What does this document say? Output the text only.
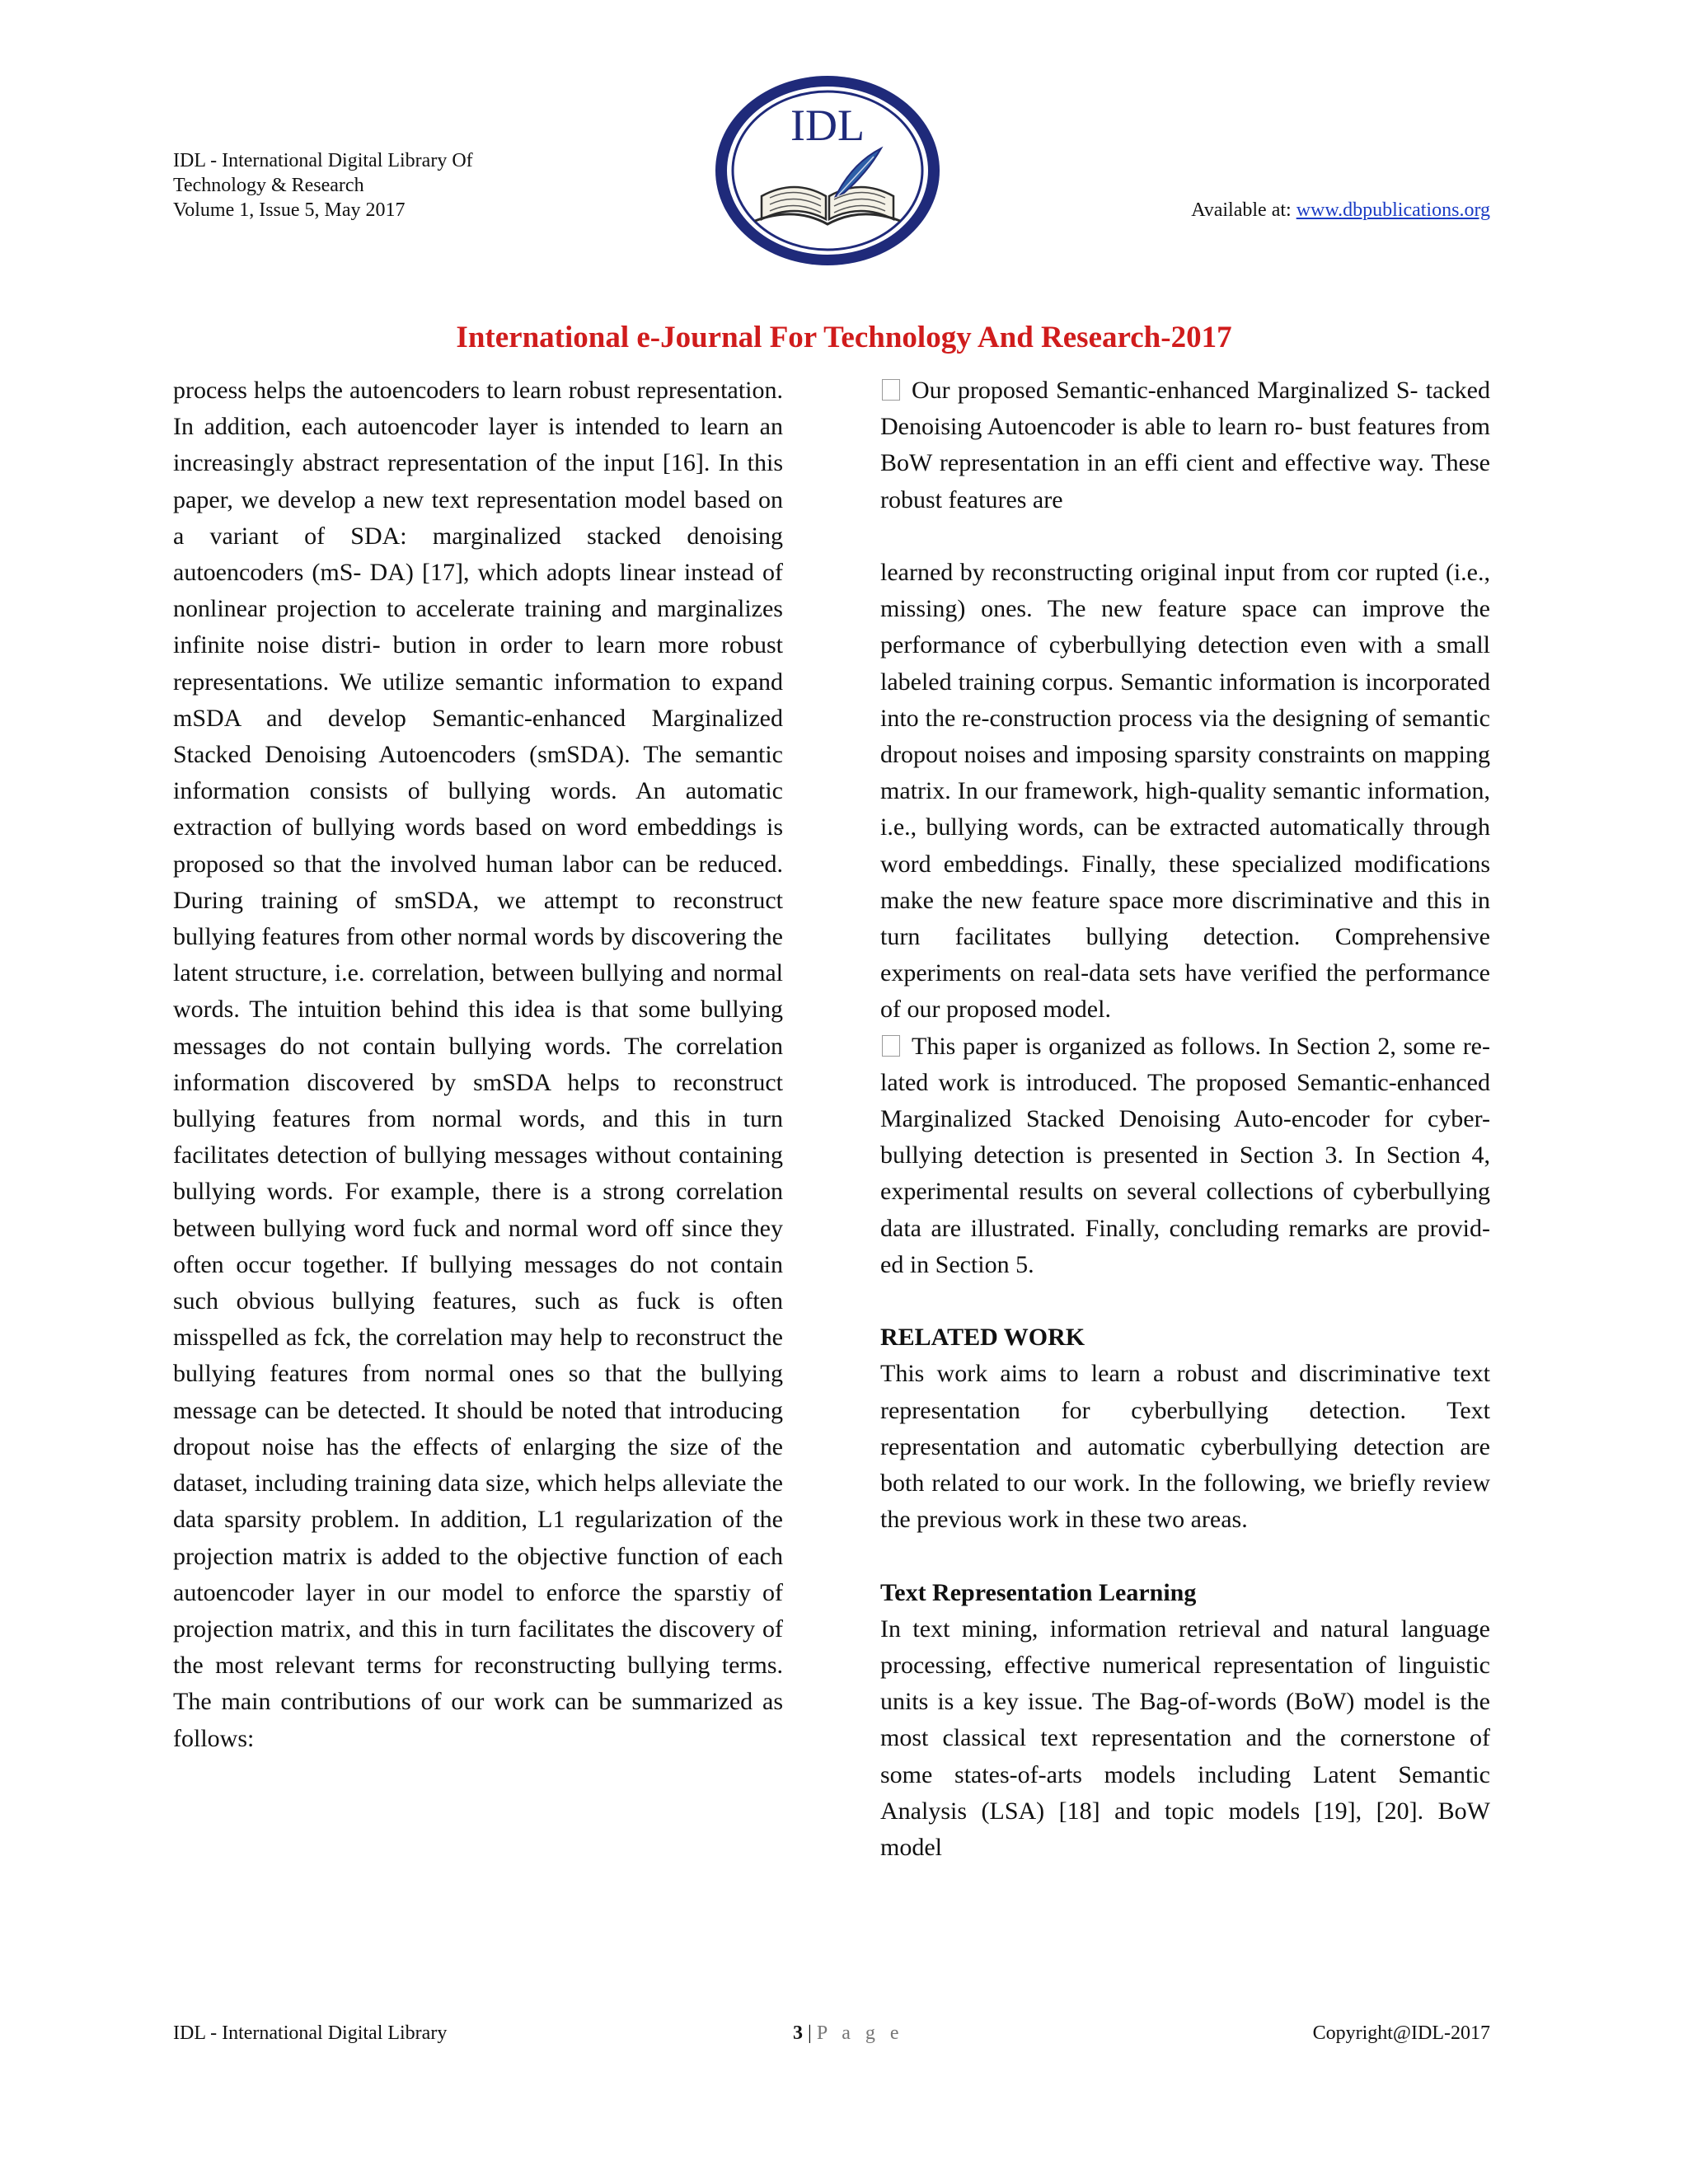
IDL - International Digital Library Of
Technology & Research
Volume 1, Issue 5, May 2017
IDL
Available at: www.dbpublications.org
International e-Journal For Technology And Research-2017

process helps the autoencoders to learn robust representation. In addition, each autoencoder layer is intended to learn an increasingly abstract representation of the input [16]. In this paper, we develop a new text representation model based on a variant of SDA: marginalized stacked denoising autoencoders (mS- DA) [17], which adopts linear instead of nonlinear projection to accelerate training and marginalizes infinite noise distri- bution in order to learn more robust representations. We utilize semantic information to expand mSDA and develop Semantic-enhanced Marginalized Stacked Denoising Autoencoders (smSDA). The semantic information consists of bullying words. An automatic extraction of bullying words based on word embeddings is proposed so that the involved human labor can be reduced. During training of smSDA, we attempt to reconstruct bullying features from other normal words by discovering the latent structure, i.e. correlation, between bullying and normal words. The intuition behind this idea is that some bullying messages do not contain bullying words. The correlation information discovered by smSDA helps to reconstruct bullying features from normal words, and this in turn facilitates detection of bullying messages without containing bullying words. For example, there is a strong correlation between bullying word fuck and normal word off since they often occur together. If bullying messages do not contain such obvious bullying features, such as fuck is often misspelled as fck, the correlation may help to reconstruct the bullying features from normal ones so that the bullying message can be detected. It should be noted that introducing dropout noise has the effects of enlarging the size of the dataset, including training data size, which helps alleviate the data sparsity problem. In addition, L1 regularization of the projection matrix is added to the objective function of each autoencoder layer in our model to enforce the sparstiy of projection matrix, and this in turn facilitates the discovery of the most relevant terms for reconstructing bullying terms. The main contributions of our work can be summarized as follows:

Our proposed Semantic-enhanced Marginalized S- tacked Denoising Autoencoder is able to learn ro- bust features from BoW representation in an effi cient and effective way. These robust features are

learned by reconstructing original input from cor rupted (i.e., missing) ones. The new feature space can improve the performance of cyberbullying detection even with a small labeled training corpus. Semantic information is incorporated into the re-construction process via the designing of semantic dropout noises and imposing sparsity constraints on mapping matrix. In our framework, high-quality semantic information, i.e., bullying words, can be extracted automatically through word embeddings. Finally, these specialized modifications make the new feature space more discriminative and this in turn facilitates bullying detection. Comprehensive experiments on real-data sets have verified the performance of our proposed model.

This paper is organized as follows. In Section 2, some re- lated work is introduced. The proposed Semantic-enhanced Marginalized Stacked Denoising Auto-encoder for cyber- bullying detection is presented in Section 3. In Section 4, experimental results on several collections of cyberbullying data are illustrated. Finally, concluding remarks are provid- ed in Section 5.

RELATED WORK

This work aims to learn a robust and discriminative text representation for cyberbullying detection. Text representation and automatic cyberbullying detection are both related to our work. In the following, we briefly review the previous work in these two areas.

Text Representation Learning

In text mining, information retrieval and natural language processing, effective numerical representation of linguistic units is a key issue. The Bag-of-words (BoW) model is the most classical text representation and the cornerstone of some states-of-arts models including Latent Semantic Analysis (LSA) [18] and topic models [19], [20]. BoW model

IDL - International Digital Library	3 | P a g e	Copyright@IDL-2017
